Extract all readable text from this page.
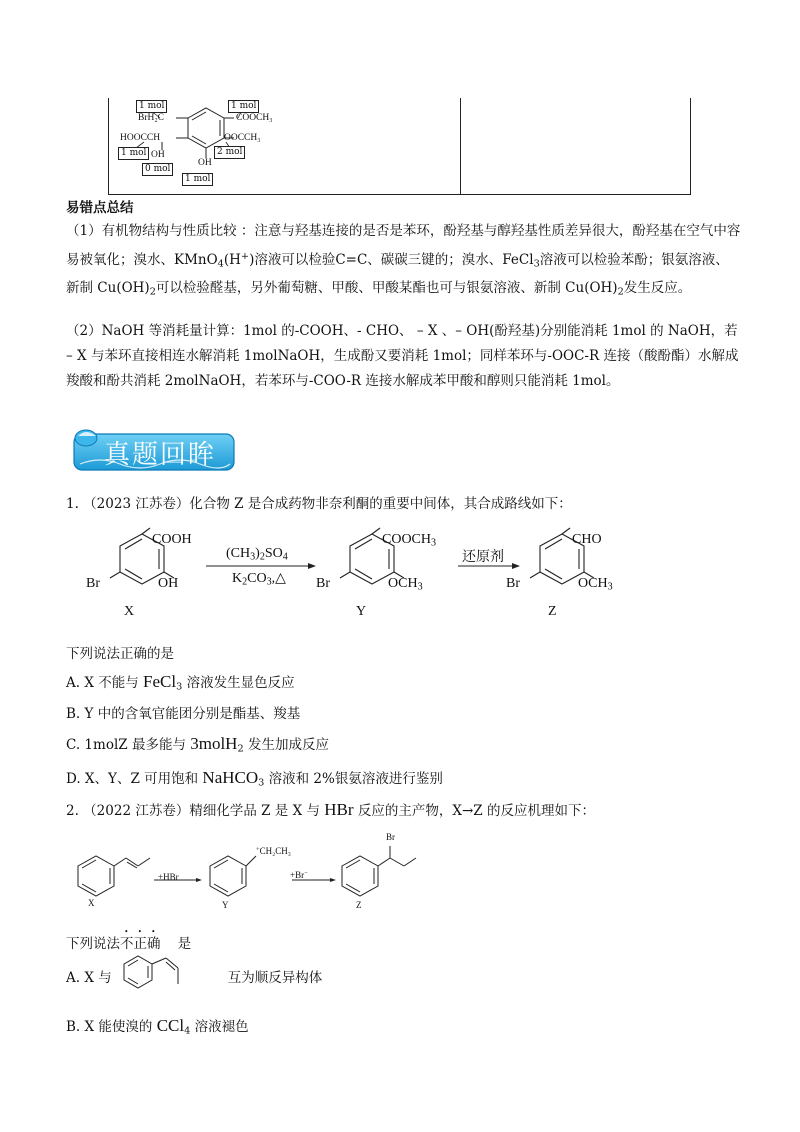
1 mol	1 mol
1 mol	2 mol
0 mol
1 mol
BrH₂C	COOCH₃
HOOCCH	OOCCH₃
OH
OH
易错点总结
（1）有机物结构与性质比较 ：注意与羟基连接的是否是苯环，酚羟基与醇羟基性质差异很大，酚羟基在空气中容易被氧化；溴水、KMnO$_4$(H+)溶液可以检验C=C、碳碳三键的；溴水、FeCl$_3$溶液可以检验苯酚；银氨溶液、新制 $Cu(OH)_2$可以检验醛基，另外葡萄糖、甲酸、甲酸某酯也可与银氨溶液、新制 $Cu(OH)_2$发生反应。
（2）NaOH 等消耗量计算：1mol 的-COOH、- CHO、 – X 、– OH(酚羟基)分别能消耗 1mol 的 NaOH，若 – X 与苯环直接相连水解消耗 1molNaOH，生成酚又要消耗 1mol；同样苯环与-OOC-R 连接（酸酚酯）水解成羧酸和酚共消耗 2molNaOH，若苯环与-COO-R 连接水解成苯甲酸和醇则只能消耗 1mol。
真题回眸
1. （2023 江苏卷）化合物 Z 是合成药物非奈利酮的重要中间体，其合成路线如下：
COOH
OH
Br
X
$COOCH_3$
$OCH_3$
Br
Y
CHO
$OCH_3$
Br
Z
$(CH_3)_2SO_4$
$K_2CO_3,\triangle$
还原剂
下列说法正确的是
A. X 不能与 FeCl$_3$ 溶液发生显色反应
B. Y 中的含氧官能团分别是酯基、羧基
C. 1molZ 最多能与 3molH$_2$ 发生加成反应
D. X、Y、Z 可用饱和 NaHCO$_3$ 溶液和 2%银氨溶液进行鉴别
2. （2022 江苏卷）精细化学品 Z 是 X 与 HBr 反应的主产物，X→Z 的反应机理如下：
+HBr	+Br−
+CH₂CH₃
Br
X	Y	Z
下列说法不正确 是
A. X 与	互为顺反异构体
B. X 能使溴的 CCl$_4$ 溶液褪色
